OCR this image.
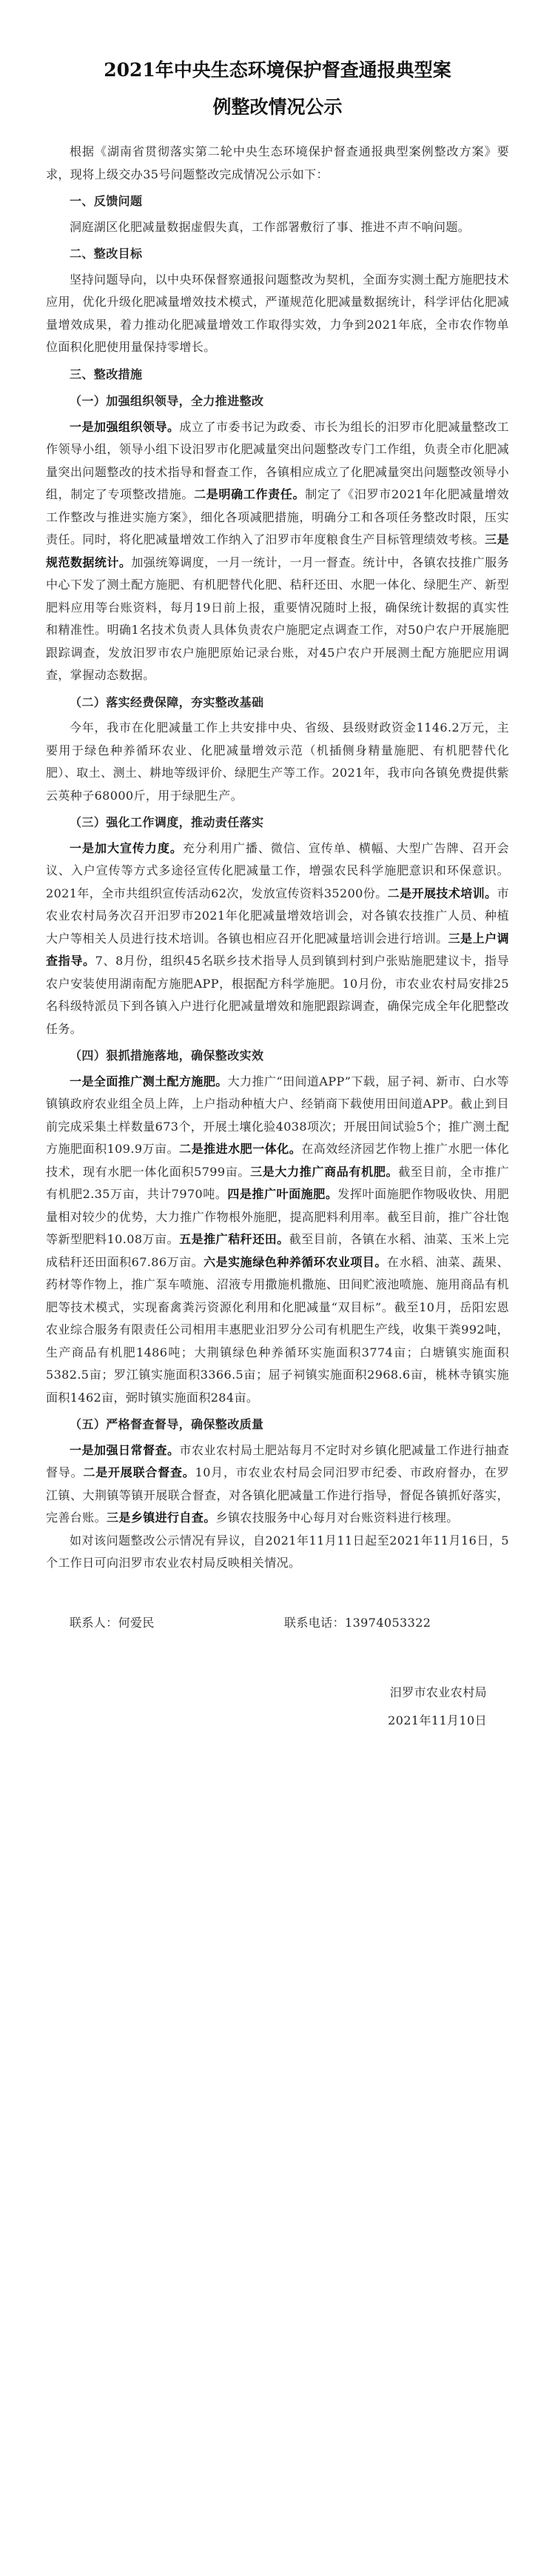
2021年中央生态环境保护督查通报典型案
例整改情况公示

根据《湖南省贯彻落实第二轮中央生态环境保护督查通报典型案例整改方案》要求，现将上级交办35号问题整改完成情况公示如下：

一、反馈问题

洞庭湖区化肥减量数据虚假失真，工作部署敷衍了事、推进不声不响问题。

二、整改目标

坚持问题导向，以中央环保督察通报问题整改为契机，全面夯实测土配方施肥技术应用，优化升级化肥减量增效技术模式，严谨规范化肥减量数据统计，科学评估化肥减量增效成果，着力推动化肥减量增效工作取得实效，力争到2021年底，全市农作物单位面积化肥使用量保持零增长。

三、整改措施

（一）加强组织领导，全力推进整改

一是加强组织领导。成立了市委书记为政委、市长为组长的汨罗市化肥减量整改工作领导小组，领导小组下设汨罗市化肥减量突出问题整改专门工作组，负责全市化肥减量突出问题整改的技术指导和督查工作，各镇相应成立了化肥减量突出问题整改领导小组，制定了专项整改措施。二是明确工作责任。制定了《汨罗市2021年化肥减量增效工作整改与推进实施方案》，细化各项减肥措施，明确分工和各项任务整改时限，压实责任。同时，将化肥减量增效工作纳入了汨罗市年度粮食生产目标管理绩效考核。三是规范数据统计。加强统筹调度，一月一统计，一月一督查。统计中，各镇农技推广服务中心下发了测土配方施肥、有机肥替代化肥、秸秆还田、水肥一体化、绿肥生产、新型肥料应用等台账资料，每月19日前上报，重要情况随时上报，确保统计数据的真实性和精准性。明确1名技术负责人具体负责农户施肥定点调查工作，对50户农户开展施肥跟踪调查，发放汨罗市农户施肥原始记录台账，对45户农户开展测土配方施肥应用调查，掌握动态数据。

（二）落实经费保障，夯实整改基础

今年，我市在化肥减量工作上共安排中央、省级、县级财政资金1146.2万元，主要用于绿色种养循环农业、化肥减量增效示范（机插侧身精量施肥、有机肥替代化肥）、取土、测土、耕地等级评价、绿肥生产等工作。2021年，我市向各镇免费提供紫云英种子68000斤，用于绿肥生产。

（三）强化工作调度，推动责任落实

一是加大宣传力度。充分利用广播、微信、宣传单、横幅、大型广告牌、召开会议、入户宣传等方式多途径宣传化肥减量工作，增强农民科学施肥意识和环保意识。2021年，全市共组织宣传活动62次，发放宣传资料35200份。二是开展技术培训。市农业农村局务次召开汨罗市2021年化肥减量增效培训会，对各镇农技推广人员、种植大户等相关人员进行技术培训。各镇也相应召开化肥减量培训会进行培训。三是上户调查指导。7、8月份，组织45名联乡技术指导人员到镇到村到户张贴施肥建议卡，指导农户安装使用湖南配方施肥APP，根据配方科学施肥。10月份，市农业农村局安排25名科级特派员下到各镇入户进行化肥减量增效和施肥跟踪调查，确保完成全年化肥整改任务。

（四）狠抓措施落地，确保整改实效

一是全面推广测土配方施肥。大力推广“田间道APP”下载，屈子祠、新市、白水等镇镇政府农业组全员上阵，上户指动种植大户、经销商下载使用田间道APP。截止到目前完成采集土样数量673个，开展土壤化验4038项次；开展田间试验5个；推广测土配方施肥面积109.9万亩。二是推进水肥一体化。在高效经济园艺作物上推广水肥一体化技术，现有水肥一体化面积5799亩。三是大力推广商品有机肥。截至目前，全市推广有机肥2.35万亩，共计7970吨。四是推广叶面施肥。发挥叶面施肥作物吸收快、用肥量相对较少的优势，大力推广作物根外施肥，提高肥料利用率。截至目前，推广谷壮饱等新型肥料10.08万亩。五是推广秸秆还田。截至目前，各镇在水稻、油菜、玉米上完成秸秆还田面积67.86万亩。六是实施绿色种养循环农业项目。在水稻、油菜、蔬果、药材等作物上，推广泵车喷施、沼液专用撒施机撒施、田间贮液池喷施、施用商品有机肥等技术模式，实现畜禽粪污资源化利用和化肥减量“双目标”。截至10月，岳阳宏恩农业综合服务有限责任公司相用丰惠肥业汨罗分公司有机肥生产线，收集干粪992吨，生产商品有机肥1486吨；大荆镇绿色种养循环实施面积3774亩；白塘镇实施面积5382.5亩；罗江镇实施面积3366.5亩；屈子祠镇实施面积2968.6亩，桃林寺镇实施面积1462亩，弼时镇实施面积284亩。

（五）严格督查督导，确保整改质量

一是加强日常督查。市农业农村局土肥站每月不定时对乡镇化肥减量工作进行抽查督导。二是开展联合督查。10月，市农业农村局会同汨罗市纪委、市政府督办，在罗江镇、大荆镇等镇开展联合督查，对各镇化肥减量工作进行指导，督促各镇抓好落实，完善台账。三是乡镇进行自查。乡镇农技服务中心每月对台账资料进行核理。

如对该问题整改公示情况有异议，自2021年11月11日起至2021年11月16日，5个工作日可向汨罗市农业农村局反映相关情况。

联系人：何爱民	联系电话：13974053322

汨罗市农业农村局

2021年11月10日
